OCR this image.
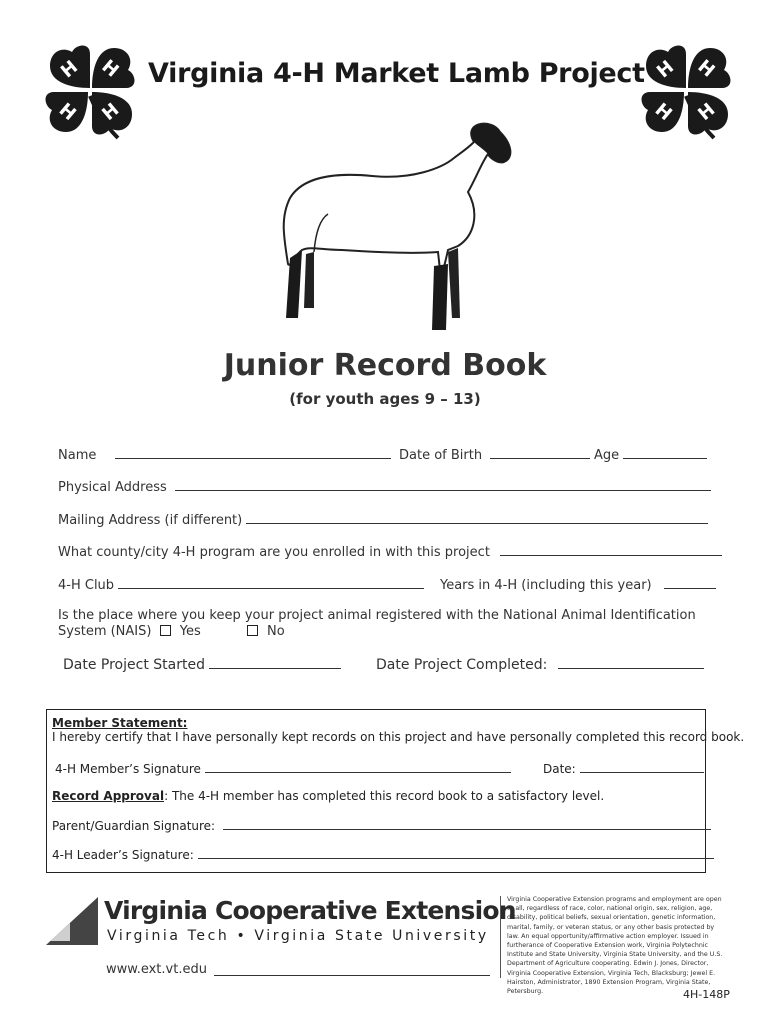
H H
H
H
H H
H
H
Virginia 4-H Market Lamb Project
Junior Record Book
(for youth ages 9 – 13)
Name	Date of Birth	Age
Physical Address
Mailing Address (if different)
What county/city 4-H program are you enrolled in with this project
4-H Club	Years in 4-H (including this year)
Is the place where you keep your project animal registered with the National Animal Identification
System (NAIS) Yes	No
Date Project Started	Date Project Completed:
Member Statement:
I hereby certify that I have personally kept records on this project and have personally completed this record book.
4-H Member’s Signature	Date:
Record Approval: The 4-H member has completed this record book to a satisfactory level.
Parent/Guardian Signature:
4-H Leader’s Signature:
Virginia Cooperative Extension
Virginia Tech • Virginia State University
www.ext.vt.edu
Virginia Cooperative Extension programs and employment are open to all, regardless of race, color, national origin, sex, religion, age, disability, political beliefs, sexual orientation, genetic information, marital, family, or veteran status, or any other basis protected by law. An equal opportunity/affirmative action employer. Issued in furtherance of Cooperative Extension work, Virginia Polytechnic Institute and State University, Virginia State University, and the U.S. Department of Agriculture cooperating. Edwin J. Jones, Director, Virginia Cooperative Extension, Virginia Tech, Blacksburg; Jewel E. Hairston, Administrator, 1890 Extension Program, Virginia State, Petersburg.	4H-148P
